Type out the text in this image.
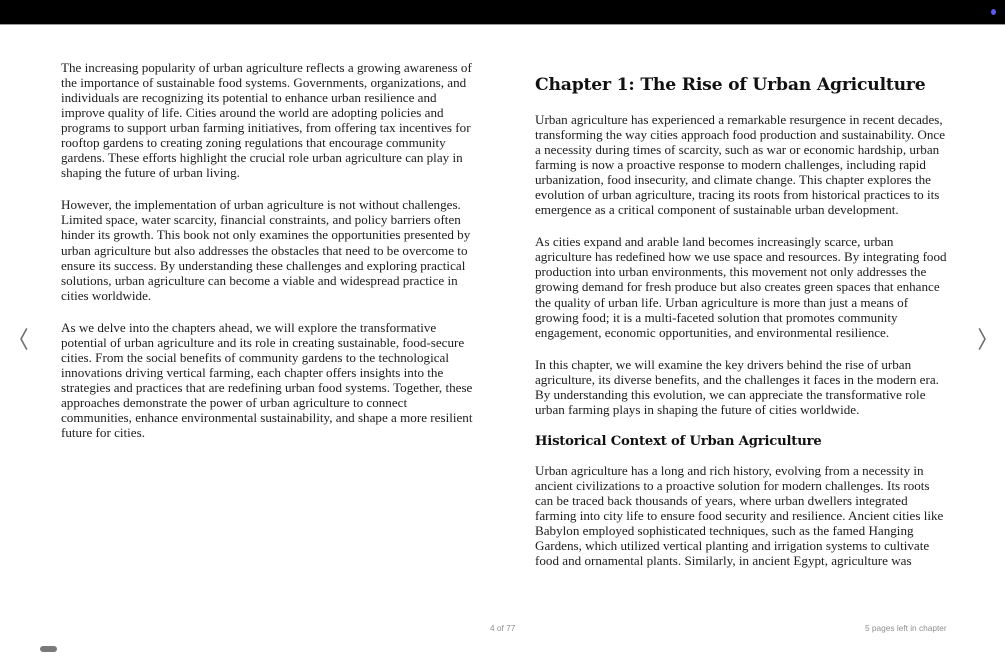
The increasing popularity of urban agriculture reflects a growing awareness of the importance of sustainable food systems. Governments, organizations, and individuals are recognizing its potential to enhance urban resilience and improve quality of life. Cities around the world are adopting policies and programs to support urban farming initiatives, from offering tax incentives for rooftop gardens to creating zoning regulations that encourage community gardens. These efforts highlight the crucial role urban agriculture can play in shaping the future of urban living.

However, the implementation of urban agriculture is not without challenges. Limited space, water scarcity, financial constraints, and policy barriers often hinder its growth. This book not only examines the opportunities presented by urban agriculture but also addresses the obstacles that need to be overcome to ensure its success. By understanding these challenges and exploring practical solutions, urban agriculture can become a viable and widespread practice in cities worldwide.

As we delve into the chapters ahead, we will explore the transformative potential of urban agriculture and its role in creating sustainable, food-secure cities. From the social benefits of community gardens to the technological innovations driving vertical farming, each chapter offers insights into the strategies and practices that are redefining urban food systems. Together, these approaches demonstrate the power of urban agriculture to connect communities, enhance environmental sustainability, and shape a more resilient future for cities.

Chapter 1: The Rise of Urban Agriculture

Urban agriculture has experienced a remarkable resurgence in recent decades, transforming the way cities approach food production and sustainability. Once a necessity during times of scarcity, such as war or economic hardship, urban farming is now a proactive response to modern challenges, including rapid urbanization, food insecurity, and climate change. This chapter explores the evolution of urban agriculture, tracing its roots from historical practices to its emergence as a critical component of sustainable urban development.

As cities expand and arable land becomes increasingly scarce, urban agriculture has redefined how we use space and resources. By integrating food production into urban environments, this movement not only addresses the growing demand for fresh produce but also creates green spaces that enhance the quality of urban life. Urban agriculture is more than just a means of growing food; it is a multi-faceted solution that promotes community engagement, economic opportunities, and environmental resilience.

In this chapter, we will examine the key drivers behind the rise of urban agriculture, its diverse benefits, and the challenges it faces in the modern era. By understanding this evolution, we can appreciate the transformative role urban farming plays in shaping the future of cities worldwide.

Historical Context of Urban Agriculture

Urban agriculture has a long and rich history, evolving from a necessity in ancient civilizations to a proactive solution for modern challenges. Its roots can be traced back thousands of years, where urban dwellers integrated farming into city life to ensure food security and resilience. Ancient cities like Babylon employed sophisticated techniques, such as the famed Hanging Gardens, which utilized vertical planting and irrigation systems to cultivate food and ornamental plants. Similarly, in ancient Egypt, agriculture was

4 of 77	5 pages left in chapter
